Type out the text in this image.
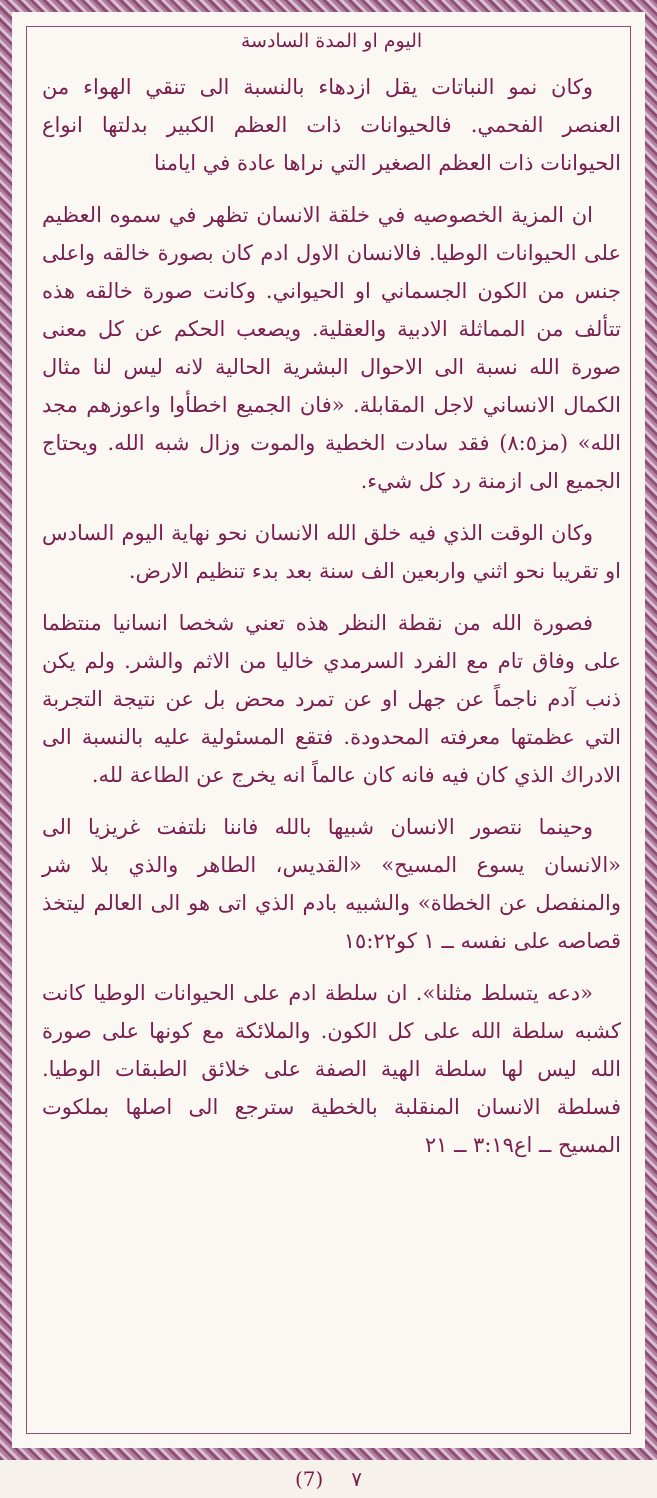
اليوم او المدة السادسة

وكان نمو النباتات يقل ازدهاء بالنسبة الى تنقي الهواء من العنصر الفحمي. فالحيوانات ذات العظم الكبير بدلتها انواع الحيوانات ذات العظم الصغير التي نراها عادة في ايامنا

ان المزية الخصوصيه في خلقة الانسان تظهر في سموه العظيم على الحيوانات الوطيا. فالانسان الاول ادم كان بصورة خالقه واعلى جنس من الكون الجسماني او الحيواني. وكانت صورة خالقه هذه تتألف من المماثلة الادبية والعقلية. ويصعب الحكم عن كل معنى صورة الله نسبة الى الاحوال البشرية الحالية لانه ليس لنا مثال الكمال الانساني لاجل المقابلة. «فان الجميع اخطأوا واعوزهم مجد الله» (مز٨:٥) فقد سادت الخطية والموت وزال شبه الله. ويحتاج الجميع الى ازمنة رد كل شيء.

وكان الوقت الذي فيه خلق الله الانسان نحو نهاية اليوم السادس او تقريبا نحو اثني واربعين الف سنة بعد بدء تنظيم الارض.

فصورة الله من نقطة النظر هذه تعني شخصا انسانيا منتظما على وفاق تام مع الفرد السرمدي خاليا من الاثم والشر. ولم يكن ذنب آدم ناجماً عن جهل او عن تمرد محض بل عن نتيجة التجربة التي عظمتها معرفته المحدودة. فتقع المسئولية عليه بالنسبة الى الادراك الذي كان فيه فانه كان عالماً انه يخرج عن الطاعة لله.

وحينما نتصور الانسان شبيها بالله فاننا نلتفت غريزيا الى «الانسان يسوع المسيح» «القديس، الطاهر والذي بلا شر والمنفصل عن الخطاة» والشبيه بادم الذي اتى هو الى العالم ليتخذ قصاصه على نفسه ــ ١ كو١٥:٢٢

«دعه يتسلط مثلنا». ان سلطة ادم على الحيوانات الوطيا كانت كشبه سلطة الله على كل الكون. والملائكة مع كونها على صورة الله ليس لها سلطة الهية الصفة على خلائق الطبقات الوطيا. فسلطة الانسان المنقلبة بالخطية سترجع الى اصلها بملكوت المسيح ــ اع٣:١٩ ــ ٢١

(7) ٧
